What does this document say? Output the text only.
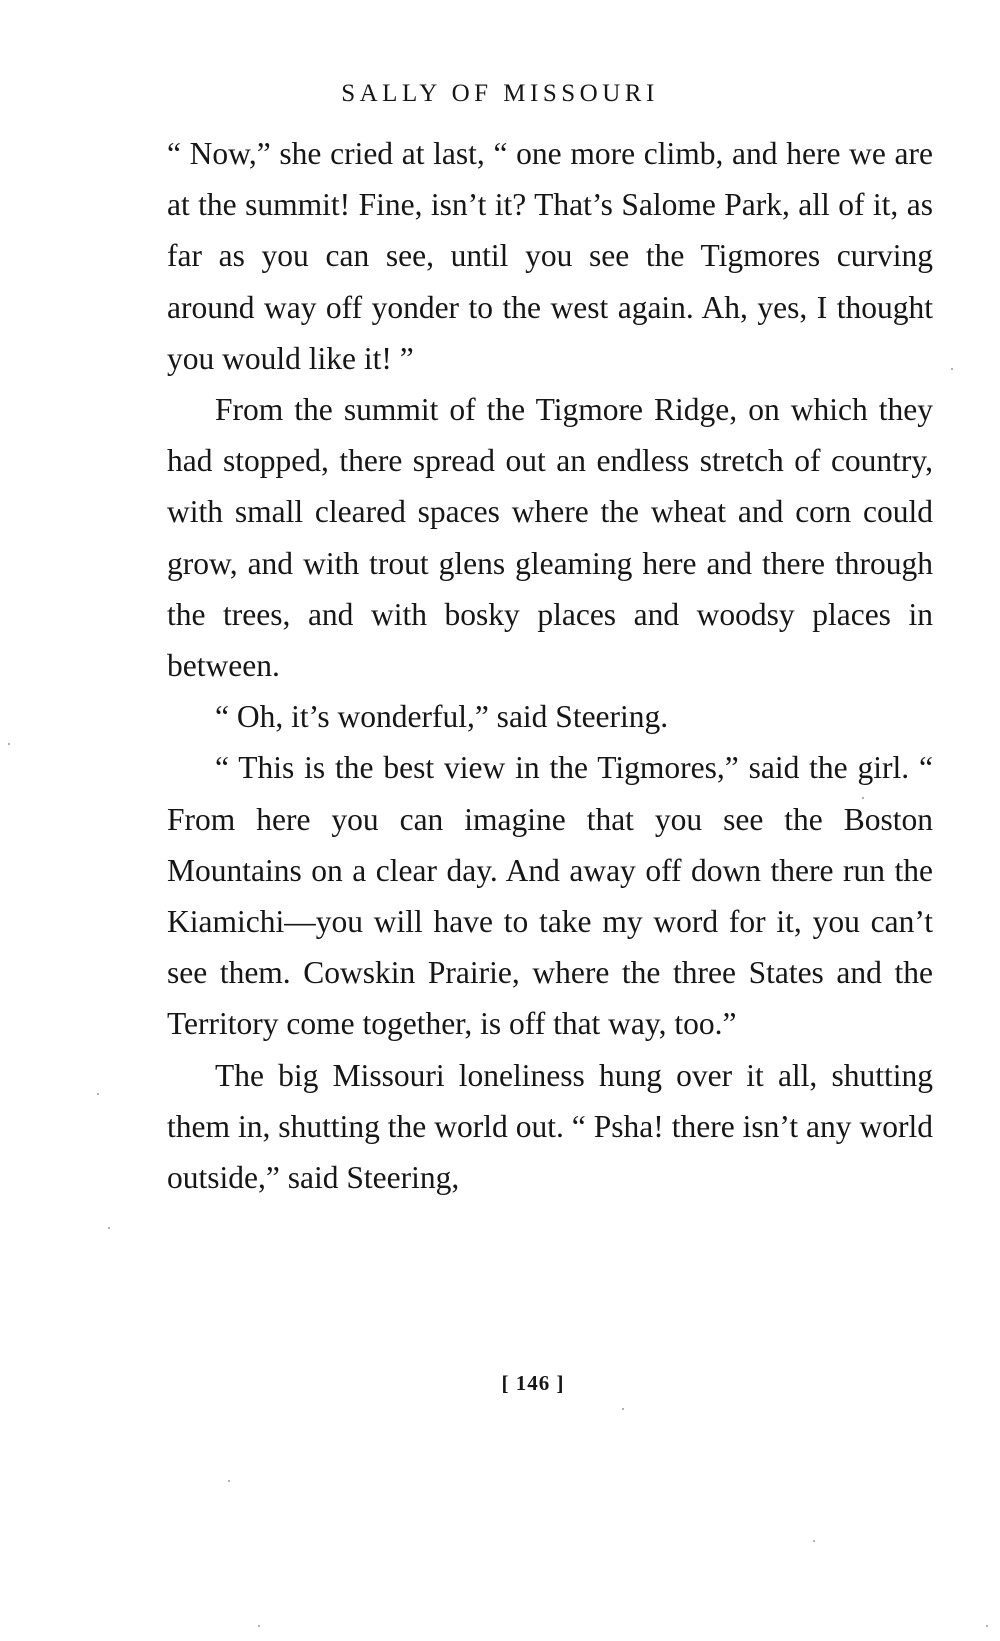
SALLY OF MISSOURI

“ Now,” she cried at last, “ one more climb, and here we are at the summit! Fine, isn’t it? That’s Salome Park, all of it, as far as you can see, until you see the Tigmores curving around way off yonder to the west again. Ah, yes, I thought you would like it! ”

From the summit of the Tigmore Ridge, on which they had stopped, there spread out an endless stretch of country, with small cleared spaces where the wheat and corn could grow, and with trout glens gleaming here and there through the trees, and with bosky places and woodsy places in between.

“ Oh, it’s wonderful,” said Steering.

“ This is the best view in the Tigmores,” said the girl. “ From here you can imagine that you see the Boston Mountains on a clear day. And away off down there run the Kiamichi—you will have to take my word for it, you can’t see them. Cowskin Prairie, where the three States and the Territory come together, is off that way, too.”

The big Missouri loneliness hung over it all, shutting them in, shutting the world out. “ Psha! there isn’t any world outside,” said Steering,

[ 146 ]
